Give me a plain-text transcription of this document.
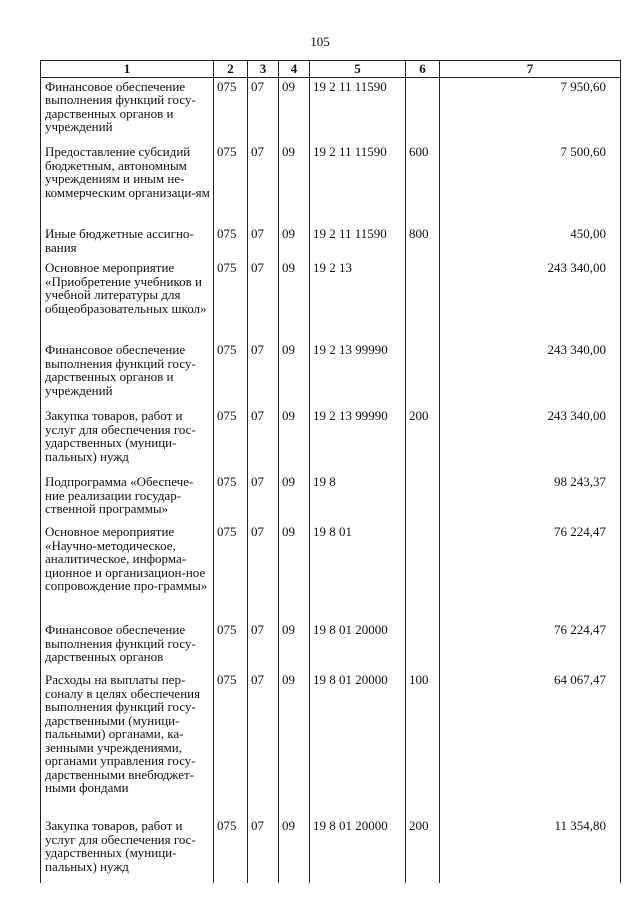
105
1	2	3	4	5	6	7
Финансовое обеспечение выполнения функций госу-дарственных органов и учреждений	075	07	09	19 2 11 11590		7 950,60
Предоставление субсидий бюджетным, автономным учреждениям и иным не-коммерческим организаци-ям	075	07	09	19 2 11 11590	600	7 500,60
Иные бюджетные ассигно-вания	075	07	09	19 2 11 11590	800	450,00
Основное мероприятие «Приобретение учебников и учебной литературы для общеобразовательных школ»	075	07	09	19 2 13		243 340,00
Финансовое обеспечение выполнения функций госу-дарственных органов и учреждений	075	07	09	19 2 13 99990		243 340,00
Закупка товаров, работ и услуг для обеспечения гос-ударственных (муници-пальных) нужд	075	07	09	19 2 13 99990	200	243 340,00
Подпрограмма «Обеспече-ние реализации государ-ственной программы»	075	07	09	19 8		98 243,37
Основное мероприятие «Научно-методическое, аналитическое, информа-ционное и организацион-ное сопровождение про-граммы»	075	07	09	19 8 01		76 224,47
Финансовое обеспечение выполнения функций госу-дарственных органов	075	07	09	19 8 01 20000		76 224,47
Расходы на выплаты пер-соналу в целях обеспечения выполнения функций госу-дарственными (муници-пальными) органами, ка-зенными учреждениями, органами управления госу-дарственными внебюджет-ными фондами	075	07	09	19 8 01 20000	100	64 067,47
Закупка товаров, работ и услуг для обеспечения гос-ударственных (муници-пальных) нужд	075	07	09	19 8 01 20000	200	11 354,80
